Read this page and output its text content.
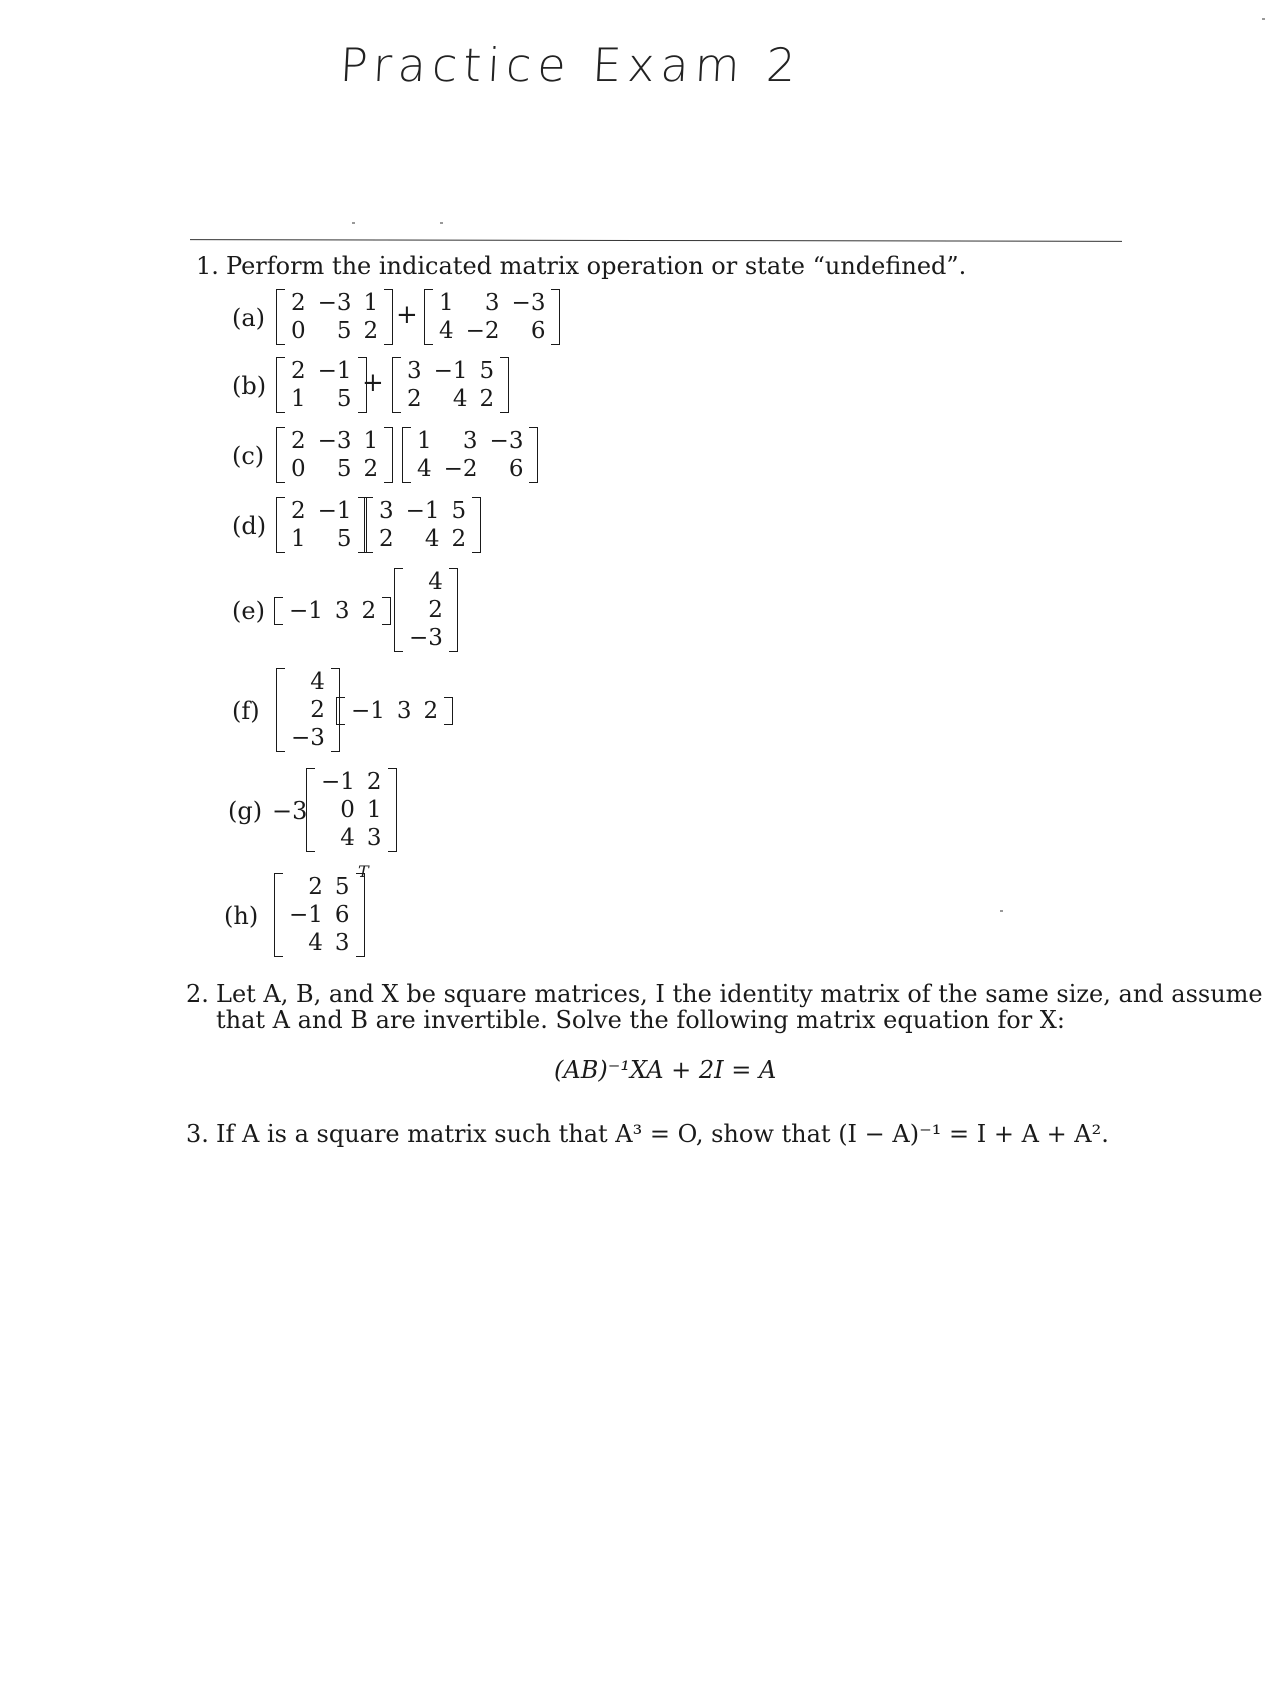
Practice Exam 2
1. Perform the indicated matrix operation or state “undefined”.
(a)
2	−3	1
0	5	2
+ 1	3	−3
4	−2	6
(b)
2	−1
1	5
+ 3	−1	5
2	4	2
(c)
2	−3	1
0	5	2
1	3	−3
4	−2	6
(d)
2	−1
1	5
3	−1	5
2	4	2
(e) −1	3	2
4
2
−3
(f)
4
2
−3
−1	3	2
(g) −3
−1	2
0	1
4	3
(h)
2	5
−1	6
4	3
T
2. Let A, B, and X be square matrices, I the identity matrix of the same size, and assume
that A and B are invertible. Solve the following matrix equation for X:
(AB)⁻¹XA + 2I = A
3. If A is a square matrix such that A³ = O, show that (I − A)⁻¹ = I + A + A².
